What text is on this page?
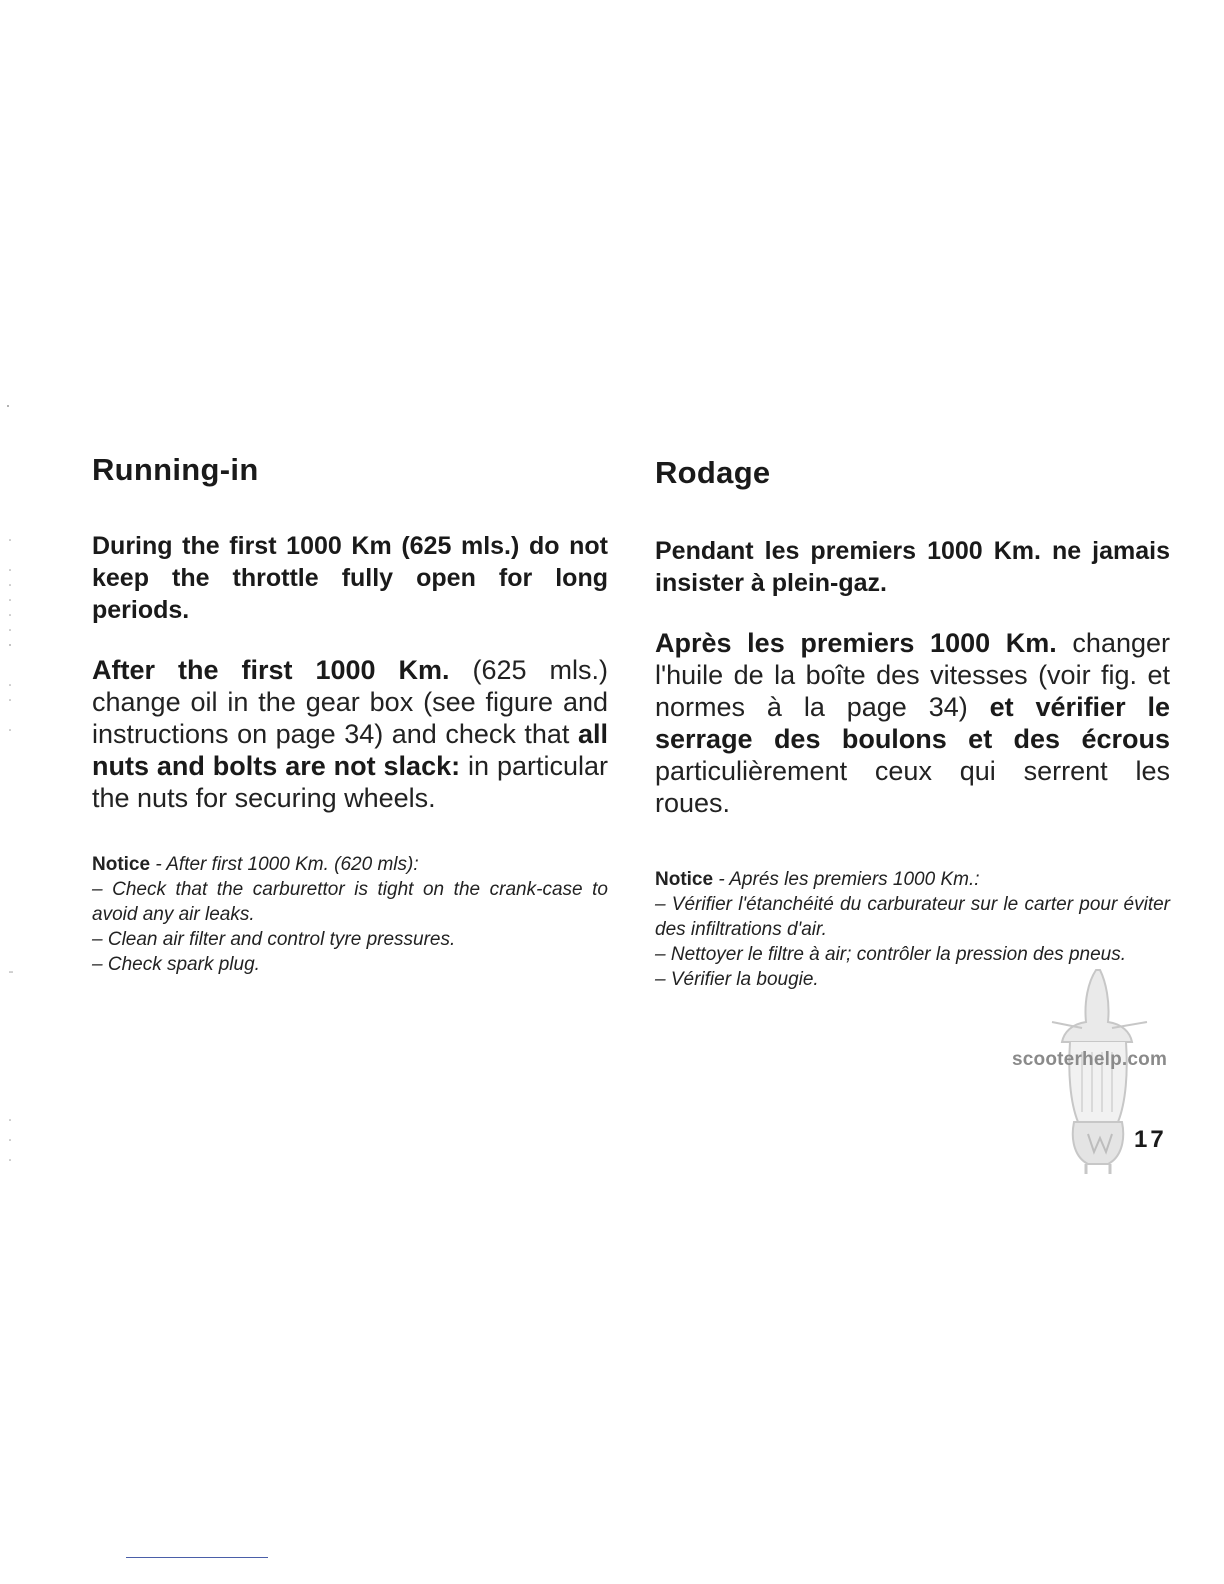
Running-in

During the first 1000 Km (625 mls.) do not keep the throttle fully open for long periods.

After the first 1000 Km. (625 mls.) change oil in the gear box (see figure and instructions on page 34) and check that all nuts and bolts are not slack: in particular the nuts for securing wheels.

Notice - After first 1000 Km. (620 mls):
– Check that the carburettor is tight on the crank-case to avoid any air leaks.
– Clean air filter and control tyre pressures.
– Check spark plug.
Rodage

Pendant les premiers 1000 Km. ne jamais insister à plein-gaz.

Après les premiers 1000 Km. changer l'huile de la boîte des vitesses (voir fig. et normes à la page 34) et vérifier le serrage des boulons et des écrous particulièrement ceux qui serrent les roues.

Notice - Aprés les premiers 1000 Km.:
– Vérifier l'étanchéité du carburateur sur le carter pour éviter des infiltrations d'air.
– Nettoyer le filtre à air; contrôler la pression des pneus.
– Vérifier la bougie.
scooterhelp.com
17
